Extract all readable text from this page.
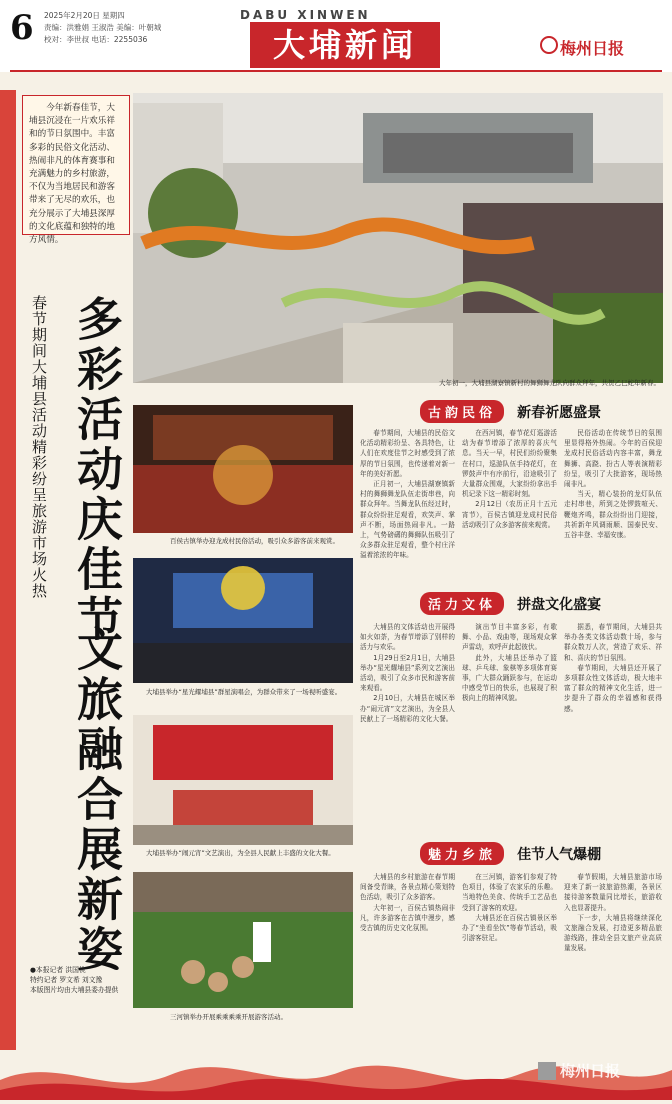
6 2025年2月20日 星期四
责编：洪雅娟 王淑浩 美编：叶朝城
校对：李世叔 电话：2255036
DABU XINWEN
大埔新闻	梅州日报
今年新春佳节，大埔县沉浸在一片欢乐祥和的节日氛围中。丰富多彩的民俗文化活动、热闹非凡的体育赛事和充满魅力的乡村旅游，不仅为当地居民和游客带来了无尽的欢乐，也充分展示了大埔县深厚的文化底蕴和独特的地方风情。
大年初一，大埔县湖寮镇新村的舞狮舞龙队向群众拜年，共贺乙巳蛇年新春。
春节期间大埔县活动精彩纷呈旅游市场火热 多彩活动庆佳节
文旅融合展新姿
百侯古镇举办迎龙成村民俗活动，吸引众多游客前来观赏。
大埔县举办“星光耀埔县”群星演唱会，为群众带来了一场视听盛宴。
大埔县举办“闹元宵”文艺演出，为全县人民献上丰盛的文化大餐。
三河镇举办开展乘乘乘乘开展游客活动。
●本报记者 洪国桃
特约记者 罗文希 刘文豫
本版图片均由大埔县委办提供
古韵民俗 新春祈愿盛景

春节期间，大埔县的民俗文化活动精彩纷呈、各具特色，让人们在欢度佳节之时感受到了浓厚的节日氛围，也传递着对新一年的美好祈愿。

正月初一，大埔县湖寮镇新村的舞狮舞龙队伍走街串巷，向群众拜年。当舞龙队伍经过时，群众纷纷驻足观看，欢笑声、掌声不断，场面热闹非凡。一路上，气势磅礴的舞狮队伍吸引了众多群众驻足观看，整个村庄洋溢着浓浓的年味。

在西河镇，春节花灯巡游活动为春节增添了浓厚的喜庆气息。当天一早，村民们纷纷聚集在村口，巡游队伍手持花灯，在锣鼓声中有序前行，沿途吸引了大量群众围观，大家纷纷拿出手机记录下这一精彩时刻。

2月12日（农历正月十五元宵节），百侯古镇迎龙成村民俗活动吸引了众多游客前来观赏。

民俗活动在传统节日的氛围里显得格外热闹。今年的百侯迎龙成村民俗活动内容丰富，舞龙舞狮、高跷、扮古人等表演精彩纷呈，吸引了大批游客，现场热闹非凡。

当天，精心装扮的龙灯队伍走村串巷，所到之处锣鼓喧天、鞭炮齐鸣，群众纷纷出门迎接，共祈新年风调雨顺、国泰民安、五谷丰登、幸福安康。

活力文体 拼盘文化盛宴

大埔县的文体活动也开展得如火如荼，为春节增添了别样的活力与欢乐。

1月29日至2月1日，大埔县举办“星光耀埔县”系列文艺演出活动，吸引了众多市民和游客前来观看。

2月10日，大埔县在城区举办“闹元宵”文艺演出，为全县人民献上了一场精彩的文化大餐。

演出节目丰富多彩，有歌舞、小品、戏曲等，现场观众掌声雷动，欢呼声此起彼伏。

此外，大埔县还举办了篮球、乒乓球、象棋等多项体育赛事，广大群众踊跃参与，在运动中感受节日的快乐，也展现了积极向上的精神风貌。

据悉，春节期间，大埔县共举办各类文体活动数十场，参与群众数万人次，营造了欢乐、祥和、喜庆的节日氛围。

春节期间，大埔县还开展了多项群众性文体活动，极大地丰富了群众的精神文化生活，进一步提升了群众的幸福感和获得感。

魅力乡旅 佳节人气爆棚

大埔县的乡村旅游在春节期间备受青睐，各景点精心策划特色活动，吸引了众多游客。

大年初一，百侯古镇热闹非凡，许多游客在古镇中漫步，感受古镇的历史文化氛围。

在三河镇，游客们参观了特色项目，体验了农家乐的乐趣。当地特色美食、传统手工艺品也受到了游客的欢迎。

大埔县还在百侯古镇景区举办了“坐看坐饮”等春节活动，吸引游客驻足。

春节假期，大埔县旅游市场迎来了新一波旅游热潮，各景区接待游客数量同比增长，旅游收入也显著提升。

下一步，大埔县将继续深化文旅融合发展，打造更多精品旅游线路，推动全县文旅产业高质量发展。

梅州日报
